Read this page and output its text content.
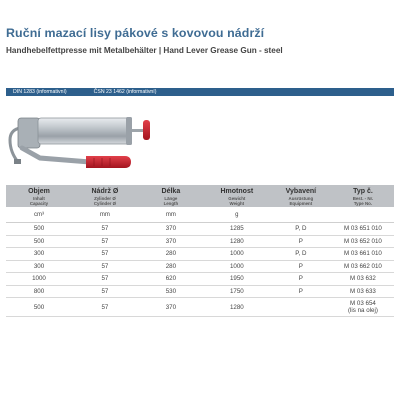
Ruční mazací lisy pákové s kovovou nádrží
Handhebelfettpresse mit Metalbehälter | Hand Lever Grease Gun - steel
DIN 1283 (informativní)	ČSN 23 1462 (informativní)
Objem
Inhalt
Capacity	Nádrž Ø
Zylinder Ø
Cylinder Ø	Délka
Länge
Length	Hmotnost
Gewicht
Weight	Vybavení
Ausrüstung
Equipment	Typ č.
Best. - Nr.
Type No.

cm³	mm	mm	g		
500	57	370	1285	P, D	M 03 651 010
500	57	370	1280	P	M 03 652 010
300	57	280	1000	P, D	M 03 661 010
300	57	280	1000	P	M 03 662 010
1000	57	620	1950	P	M 03 632
800	57	530	1750	P	M 03 633
500	57	370	1280		M 03 654
(lis na olej)
